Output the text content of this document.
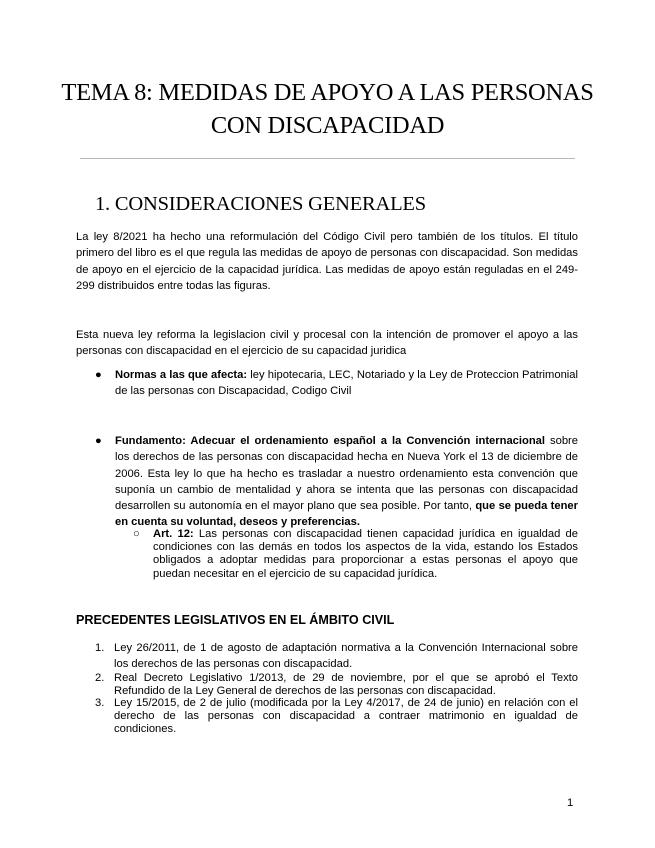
TEMA 8: MEDIDAS DE APOYO A LAS PERSONAS CON DISCAPACIDAD
1. CONSIDERACIONES GENERALES
La ley 8/2021 ha hecho una reformulación del Código Civil pero también de los títulos. El título primero del libro es el que regula las medidas de apoyo de personas con discapacidad. Son medidas de apoyo en el ejercicio de la capacidad jurídica. Las medidas de apoyo están reguladas en el 249-299 distribuidos entre todas las figuras.
Esta nueva ley reforma la legislacion civil y procesal con la intención de promover el apoyo a las personas con discapacidad en el ejercicio de su capacidad juridica
● Normas a las que afecta: ley hipotecaria, LEC, Notariado y la Ley de Proteccion Patrimonial de las personas con Discapacidad, Codigo Civil
● Fundamento: Adecuar el ordenamiento español a la Convención internacional sobre los derechos de las personas con discapacidad hecha en Nueva York el 13 de diciembre de 2006. Esta ley lo que ha hecho es trasladar a nuestro ordenamiento esta convención que suponía un cambio de mentalidad y ahora se intenta que las personas con discapacidad desarrollen su autonomía en el mayor plano que sea posible. Por tanto, que se pueda tener en cuenta su voluntad, deseos y preferencias.
○ Art. 12: Las personas con discapacidad tienen capacidad jurídica en igualdad de condiciones con las demás en todos los aspectos de la vida, estando los Estados obligados a adoptar medidas para proporcionar a estas personas el apoyo que puedan necesitar en el ejercicio de su capacidad jurídica.
PRECEDENTES LEGISLATIVOS EN EL ÁMBITO CIVIL
1. Ley 26/2011, de 1 de agosto de adaptación normativa a la Convención Internacional sobre los derechos de las personas con discapacidad.
2. Real Decreto Legislativo 1/2013, de 29 de noviembre, por el que se aprobó el Texto Refundido de la Ley General de derechos de las personas con discapacidad.
3. Ley 15/2015, de 2 de julio (modificada por la Ley 4/2017, de 24 de junio) en relación con el derecho de las personas con discapacidad a contraer matrimonio en igualdad de condiciones.
1
